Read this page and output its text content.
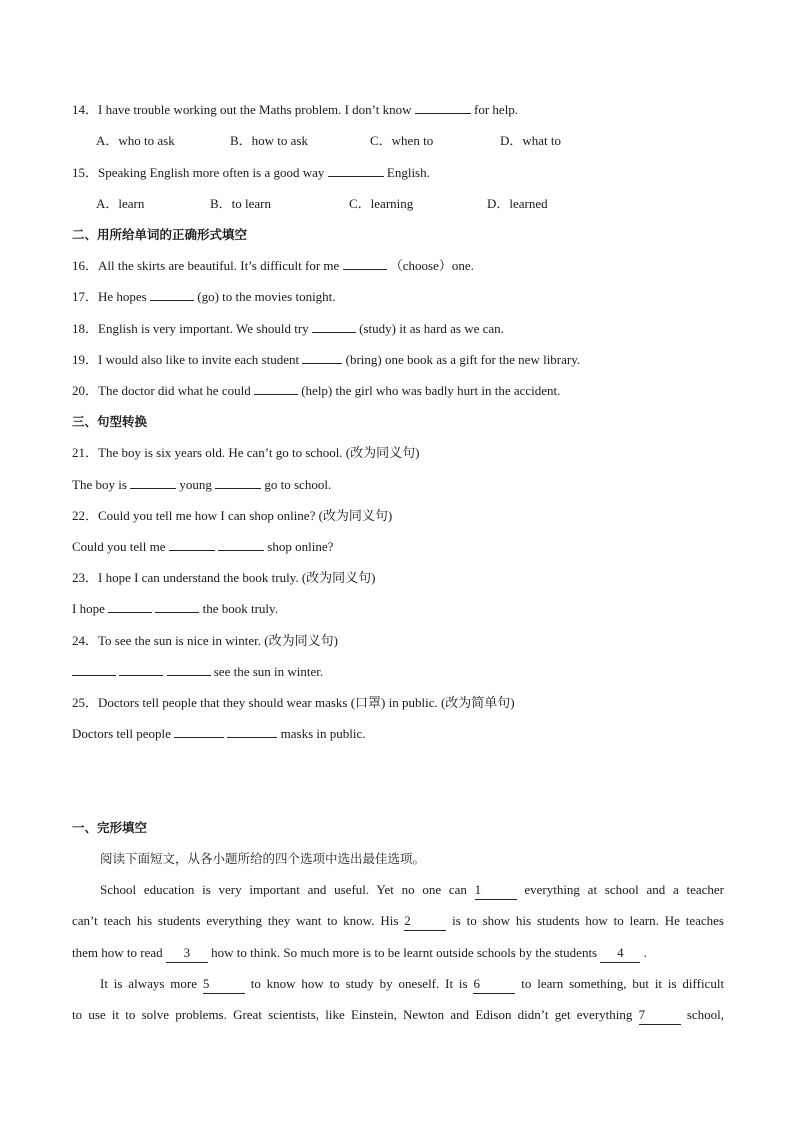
14．I have trouble working out the Maths problem. I don’t know	for help.
A．who to ask	B．how to ask	C．when to	D．what to
15．Speaking English more often is a good way	English.
A．learn	B．to learn	C．learning	D．learned
二、用所给单词的正确形式填空
16．All the skirts are beautiful. It’s difficult for me	（choose）one.
17．He hopes	(go) to the movies tonight.
18．English is very important. We should try	(study) it as hard as we can.
19．I would also like to invite each student	(bring) one book as a gift for the new library.
20．The doctor did what he could	(help) the girl who was badly hurt in the accident.
三、句型转换
21．The boy is six years old. He can’t go to school. (改为同义句)
The boy is	young	go to school.
22．Could you tell me how I can shop online? (改为同义句)
Could you tell me	shop online?
23．I hope I can understand the book truly. (改为同义句)
I hope	the book truly.
24．To see the sun is nice in winter. (改为同义句)
see the sun in winter.
25．Doctors tell people that they should wear masks (口罩) in public. (改为简单句)
Doctors tell people	masks in public.
一、完形填空
阅读下面短文，从各小题所给的四个选项中选出最佳选项。
School education is very important and useful. Yet no one can 1	everything at school and a teacher
can’t teach his students everything they want to know. His 2	is to show his students how to learn. He teaches
them how to read 3 how to think. So much more is to be learnt outside schools by the students 4 .
It is always more 5	to know how to study by oneself. It is 6	to learn something, but it is difficult
to use it to solve problems. Great scientists, like Einstein, Newton and Edison didn’t get everything 7	school,
